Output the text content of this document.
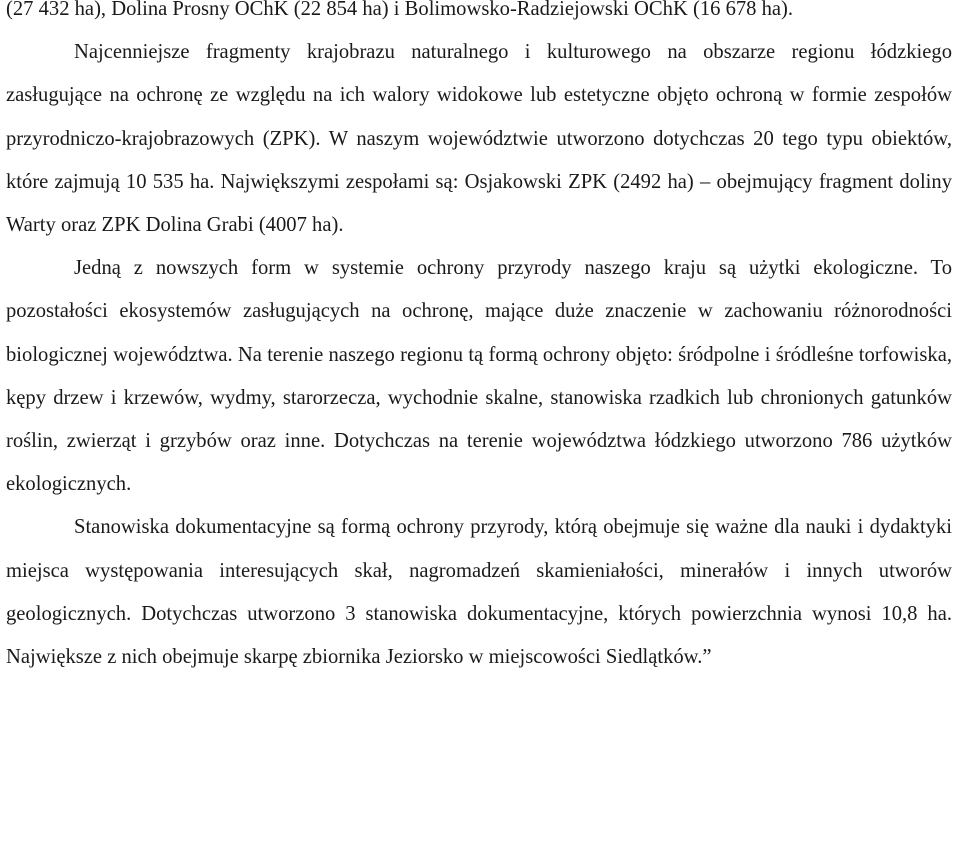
(27 432 ha), Dolina Prosny OChK (22 854 ha) i Bolimowsko-Radziejowski OChK (16 678 ha).

Najcenniejsze fragmenty krajobrazu naturalnego i kulturowego na obszarze regionu łódzkiego zasługujące na ochronę ze względu na ich walory widokowe lub estetyczne objęto ochroną w formie zespołów przyrodniczo-krajobrazowych (ZPK). W naszym województwie utworzono dotychczas 20 tego typu obiektów, które zajmują 10 535 ha. Największymi zespołami są: Osjakowski ZPK (2492 ha) – obejmujący fragment doliny Warty oraz ZPK Dolina Grabi (4007 ha).

Jedną z nowszych form w systemie ochrony przyrody naszego kraju są użytki ekologiczne. To pozostałości ekosystemów zasługujących na ochronę, mające duże znaczenie w zachowaniu różnorodności biologicznej województwa. Na terenie naszego regionu tą formą ochrony objęto: śródpolne i śródleśne torfowiska, kępy drzew i krzewów, wydmy, starorzecza, wychodnie skalne, stanowiska rzadkich lub chronionych gatunków roślin, zwierząt i grzybów oraz inne. Dotychczas na terenie województwa łódzkiego utworzono 786 użytków ekologicznych.

Stanowiska dokumentacyjne są formą ochrony przyrody, którą obejmuje się ważne dla nauki i dydaktyki miejsca występowania interesujących skał, nagromadzeń skamieniałości, minerałów i innych utworów geologicznych. Dotychczas utworzono 3 stanowiska dokumentacyjne, których powierzchnia wynosi 10,8 ha. Największe z nich obejmuje skarpę zbiornika Jeziorsko w miejscowości Siedlątków.”
